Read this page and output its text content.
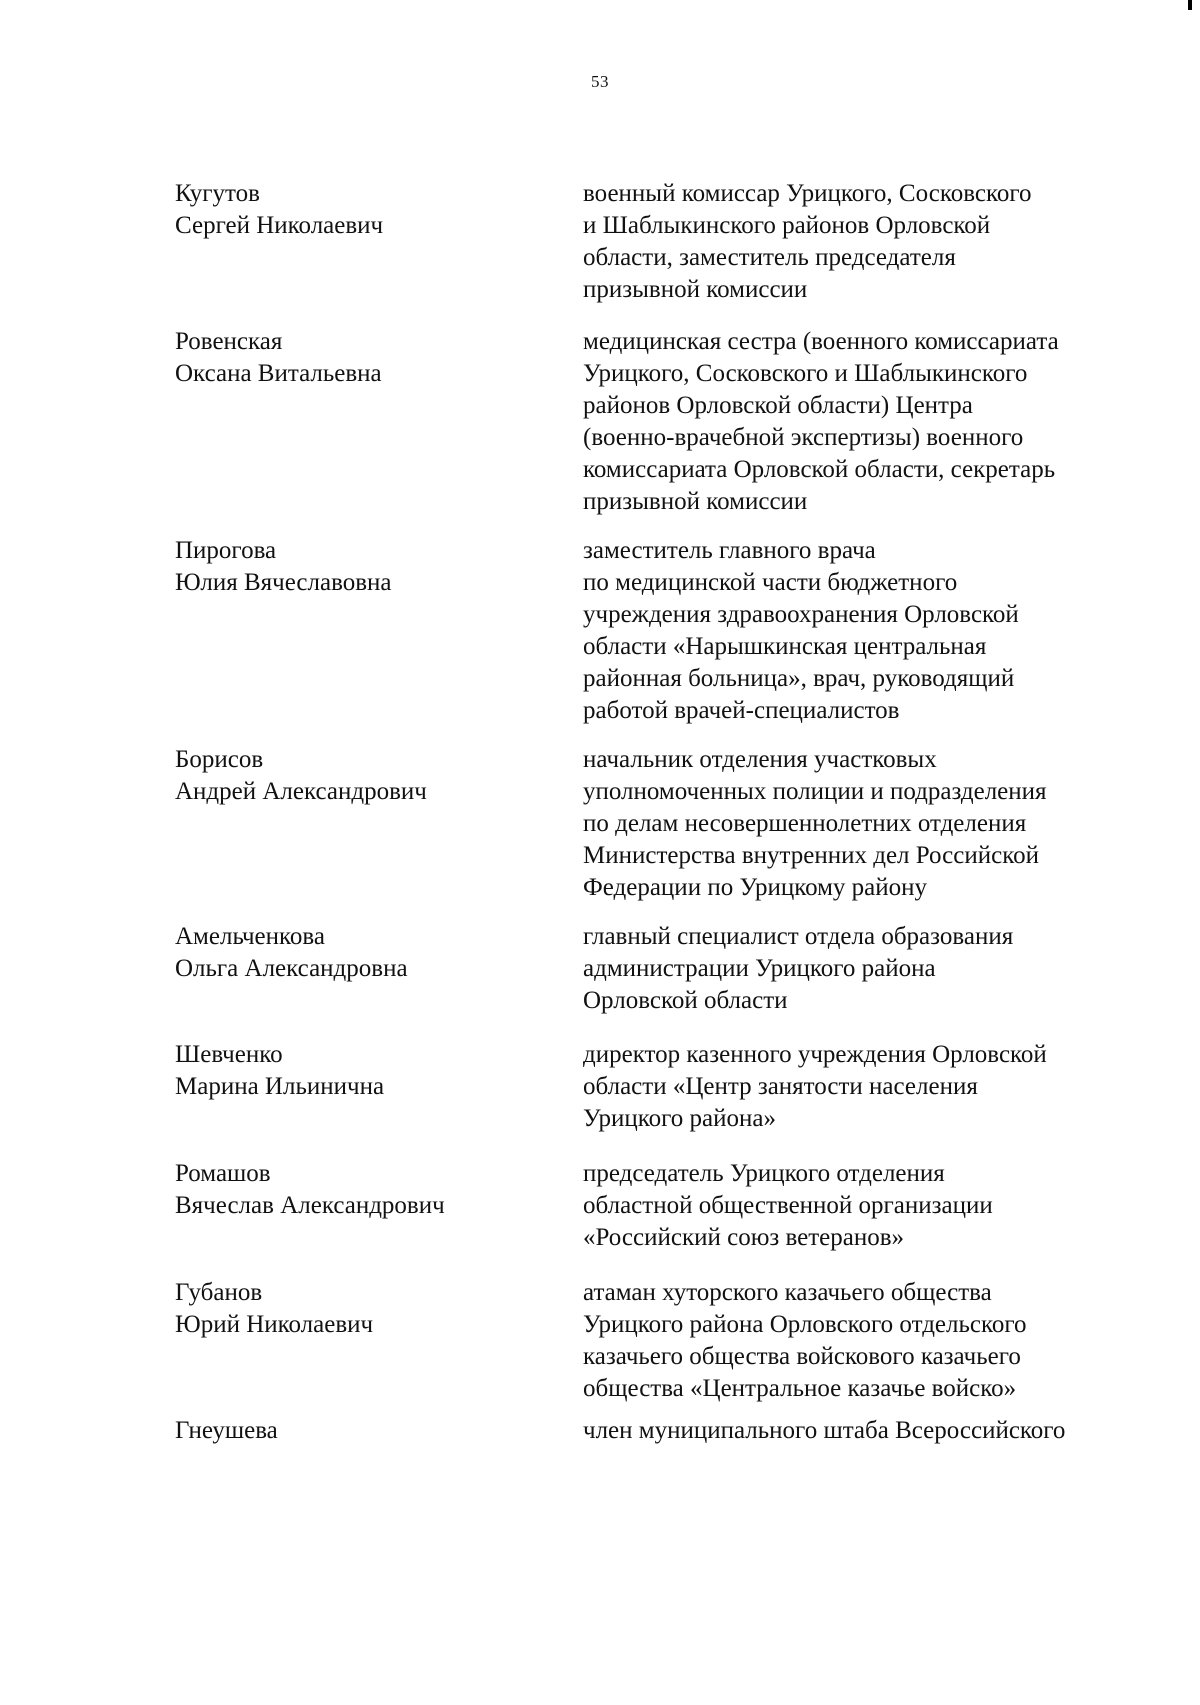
53
Кугутов
Сергей Николаевич
военный комиссар Урицкого, Сосковского
и Шаблыкинского районов Орловской
области, заместитель председателя
призывной комиссии
Ровенская
Оксана Витальевна
медицинская сестра (военного комиссариата
Урицкого, Сосковского и Шаблыкинского
районов Орловской области) Центра
(военно-врачебной экспертизы) военного
комиссариата Орловской области, секретарь
призывной комиссии
Пирогова
Юлия Вячеславовна
заместитель главного врача
по медицинской части бюджетного
учреждения здравоохранения Орловской
области «Нарышкинская центральная
районная больница», врач, руководящий
работой врачей-специалистов
Борисов
Андрей Александрович
начальник отделения участковых
уполномоченных полиции и подразделения
по делам несовершеннолетних отделения
Министерства внутренних дел Российской
Федерации по Урицкому району
Амельченкова
Ольга Александровна
главный специалист отдела образования
администрации Урицкого района
Орловской области
Шевченко
Марина Ильинична
директор казенного учреждения Орловской
области «Центр занятости населения
Урицкого района»
Ромашов
Вячеслав Александрович
председатель Урицкого отделения
областной общественной организации
«Российский союз ветеранов»
Губанов
Юрий Николаевич
атаман хуторского казачьего общества
Урицкого района Орловского отдельского
казачьего общества войскового казачьего
общества «Центральное казачье войско»
Гнеушева	член муниципального штаба Всероссийского
